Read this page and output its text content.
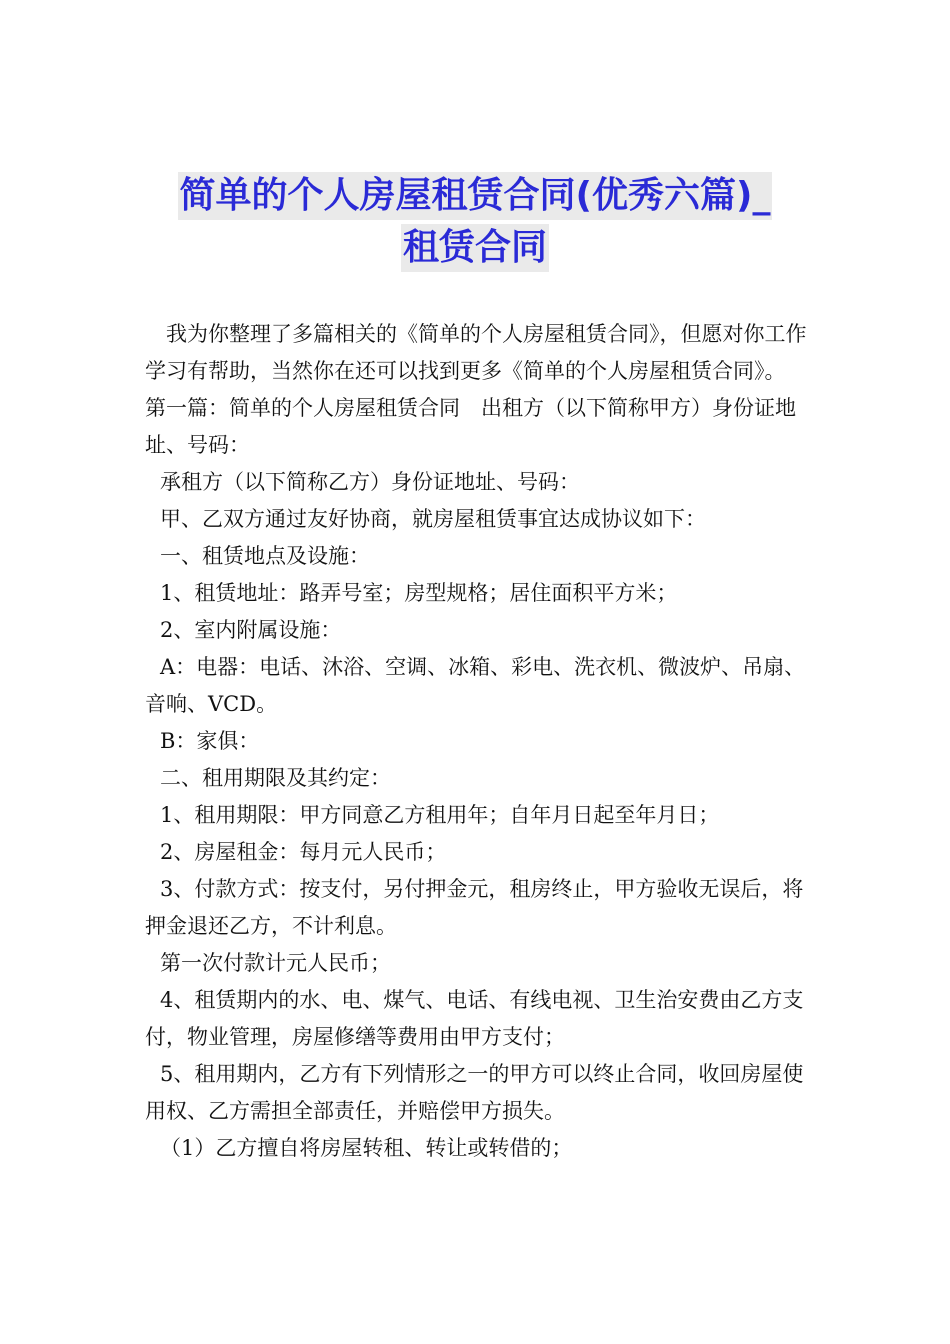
简单的个人房屋租赁合同(优秀六篇)_
租赁合同

我为你整理了多篇相关的《简单的个人房屋租赁合同》，但愿对你工作学习有帮助，当然你在还可以找到更多《简单的个人房屋租赁合同》。

第一篇：简单的个人房屋租赁合同　出租方（以下简称甲方）身份证地址、号码：

承租方（以下简称乙方）身份证地址、号码：

甲、乙双方通过友好协商，就房屋租赁事宜达成协议如下：

一、租赁地点及设施：

1、租赁地址：路弄号室；房型规格；居住面积平方米；

2、室内附属设施：

A：电器：电话、沐浴、空调、冰箱、彩电、洗衣机、微波炉、吊扇、音响、VCD。

B：家俱：

二、租用期限及其约定：

1、租用期限：甲方同意乙方租用年；自年月日起至年月日；

2、房屋租金：每月元人民币；

3、付款方式：按支付，另付押金元，租房终止，甲方验收无误后，将押金退还乙方，不计利息。

第一次付款计元人民币；

4、租赁期内的水、电、煤气、电话、有线电视、卫生治安费由乙方支付，物业管理，房屋修缮等费用由甲方支付；

5、租用期内，乙方有下列情形之一的甲方可以终止合同，收回房屋使用权、乙方需担全部责任，并赔偿甲方损失。

（1）乙方擅自将房屋转租、转让或转借的；
